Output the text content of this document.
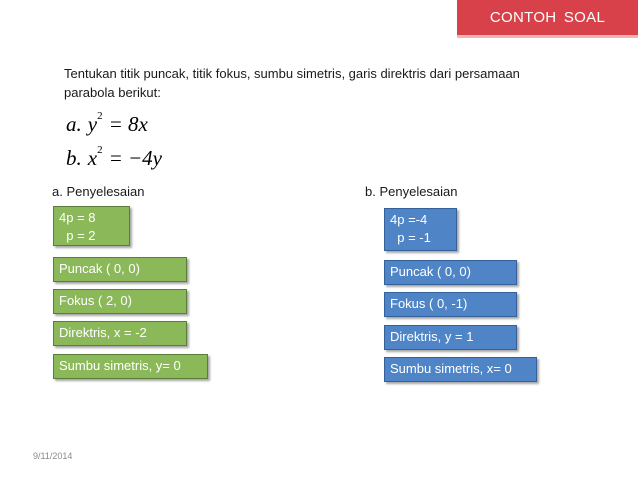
CONTOH SOAL
Tentukan titik puncak, titik fokus, sumbu simetris, garis direktris dari persamaan parabola berikut:
a. $y^2 = 8x$
b. $x^2 = -4y$
a. Penyelesaian
4p = 8
p = 2
Puncak ( 0, 0)
Fokus ( 2, 0)
Direktris, x = -2
Sumbu simetris, y= 0
b. Penyelesaian
4p =-4
p = -1
Puncak ( 0, 0)
Fokus ( 0, -1)
Direktris, y = 1
Sumbu simetris, x= 0
9/11/2014
